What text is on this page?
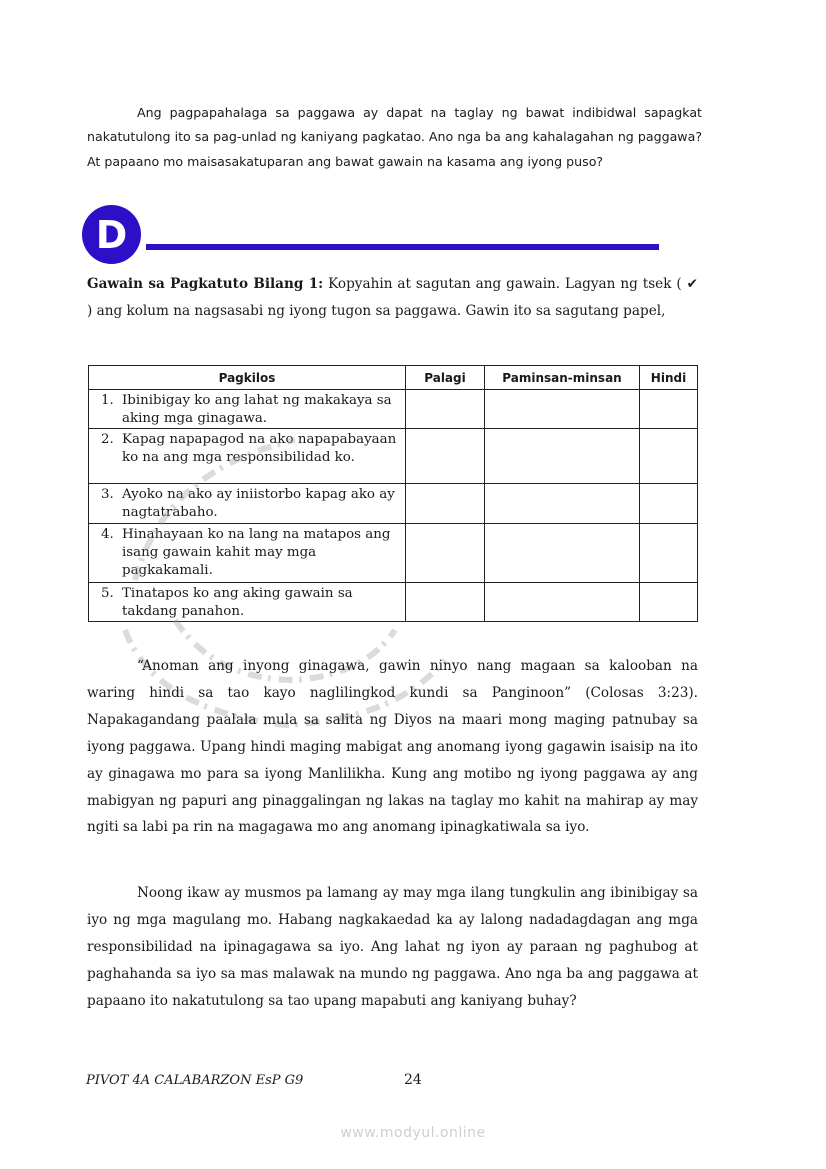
Ang pagpapahalaga sa paggawa ay dapat na taglay ng bawat indibidwal sapagkat nakatutulong ito sa pag-unlad ng kaniyang pagkatao. Ano nga ba ang kahalagahan ng paggawa? At papaano mo maisasakatuparan ang bawat gawain na kasama ang iyong puso?

D

Gawain sa Pagkatuto Bilang 1: Kopyahin at sagutan ang gawain. Lagyan ng tsek ( ✔ ) ang kolum na nagsasabi ng iyong tugon sa paggawa. Gawin ito sa sagutang papel,

Pagkilos	Palagi	Paminsan-minsan	Hindi

1. Ibinibigay ko ang lahat ng makakaya sa aking mga ginagawa.			

2. Kapag napapagod na ako napapabayaan ko na ang mga responsibilidad ko.			

3. Ayoko na ako ay iniistorbo kapag ako ay nagtatrabaho.			

4. Hinahayaan ko na lang na matapos ang isang gawain kahit may mga pagkakamali.			

5. Tinatapos ko ang aking gawain sa takdang panahon.			

“Anoman ang inyong ginagawa, gawin ninyo nang magaan sa kalooban na waring hindi sa tao kayo naglilingkod kundi sa Panginoon” (Colosas 3:23). Napakagandang paalala mula sa salita ng Diyos na maari mong maging patnubay sa iyong paggawa. Upang hindi maging mabigat ang anomang iyong gagawin isaisip na ito ay ginagawa mo para sa iyong Manlilikha. Kung ang motibo ng iyong paggawa ay ang mabigyan ng papuri ang pinaggalingan ng lakas na taglay mo kahit na mahirap ay may ngiti sa labi pa rin na magagawa mo ang anomang ipinagkatiwala sa iyo.

Noong ikaw ay musmos pa lamang ay may mga ilang tungkulin ang ibinibigay sa iyo ng mga magulang mo. Habang nagkakaedad ka ay lalong nadadagdagan ang mga responsibilidad na ipinagagawa sa iyo. Ang lahat ng iyon ay paraan ng paghubog at paghahanda sa iyo sa mas malawak na mundo ng paggawa. Ano nga ba ang paggawa at papaano ito nakatutulong sa tao upang mapabuti ang kaniyang buhay?

PIVOT 4A CALABARZON EsP G9	24
www.modyul.online
